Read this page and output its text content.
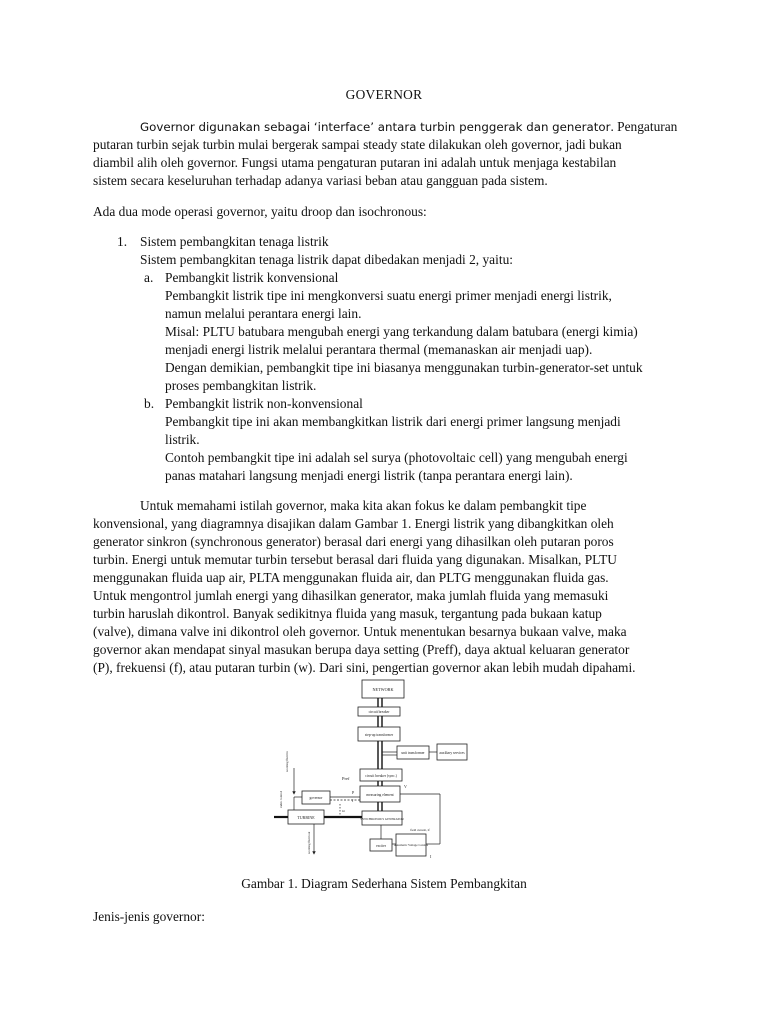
GOVERNOR
Governor digunakan sebagai ‘interface’ antara turbin penggerak dan generator. Pengaturan
putaran turbin sejak turbin mulai bergerak sampai steady state dilakukan oleh governor, jadi bukan
diambil alih oleh governor. Fungsi utama pengaturan putaran ini adalah untuk menjaga kestabilan
sistem secara keseluruhan terhadap adanya variasi beban atau gangguan pada sistem.
Ada dua mode operasi governor, yaitu droop dan isochronous:
1. Sistem pembangkitan tenaga listrik
Sistem pembangkitan tenaga listrik dapat dibedakan menjadi 2, yaitu:
a. Pembangkit listrik konvensional
Pembangkit listrik tipe ini mengkonversi suatu energi primer menjadi energi listrik,
namun melalui perantara energi lain.
Misal: PLTU batubara mengubah energi yang terkandung dalam batubara (energi kimia)
menjadi energi listrik melalui perantara thermal (memanaskan air menjadi uap).
Dengan demikian, pembangkit tipe ini biasanya menggunakan turbin-generator-set untuk
proses pembangkitan listrik.
b. Pembangkit listrik non-konvensional
Pembangkit tipe ini akan membangkitkan listrik dari energi primer langsung menjadi
listrik.
Contoh pembangkit tipe ini adalah sel surya (photovoltaic cell) yang mengubah energi
panas matahari langsung menjadi energi listrik (tanpa perantara energi lain).
Untuk memahami istilah governor, maka kita akan fokus ke dalam pembangkit tipe
konvensional, yang diagramnya disajikan dalam Gambar 1. Energi listrik yang dibangkitkan oleh
generator sinkron (synchronous generator) berasal dari energi yang dihasilkan oleh putaran poros
turbin. Energi untuk memutar turbin tersebut berasal dari fluida yang digunakan. Misalkan, PLTU
menggunakan fluida uap air, PLTA menggunakan fluida air, dan PLTG menggunakan fluida gas.
Untuk mengontrol jumlah energi yang dihasilkan generator, maka jumlah fluida yang memasuki
turbin haruslah dikontrol. Banyak sedikitnya fluida yang masuk, tergantung pada bukaan katup
(valve), dimana valve ini dikontrol oleh governor. Untuk menentukan besarnya bukaan valve, maka
governor akan mendapat sinyal masukan berupa daya setting (Preff), daya aktual keluaran generator
(P), frekuensi (f), atau putaran turbin (w). Dari sini, pengertian governor akan lebih mudah dipahami.
NETWORK
circuit breaker
step-up transformer
unit transformer	auxiliary services
circuit breaker (sync.)
measuring element
governor
TURBINE	SYNCHRONOUS GENERATOR
exciter Automatic Voltage Control
field current, if
working fluid in
working fluid out
valve control
Pref
P
f
ω
V
I
Gambar 1. Diagram Sederhana Sistem Pembangkitan
Jenis-jenis governor:
